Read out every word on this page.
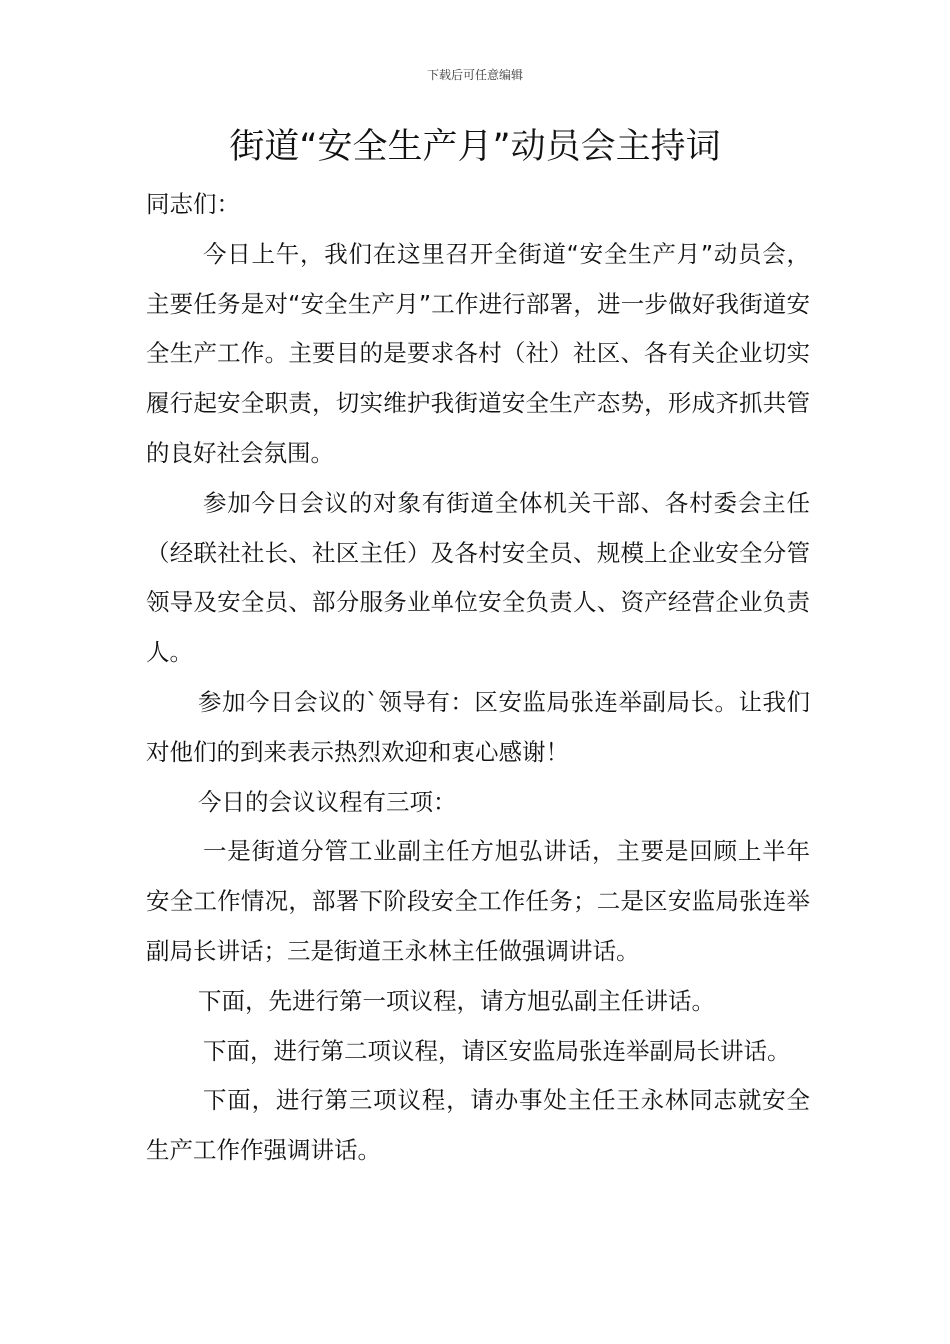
下载后可任意编辑
街道“安全生产月”动员会主持词

同志们：

今日上午，我们在这里召开全街道“安全生产月”动员会，主要任务是对“安全生产月”工作进行部署，进一步做好我街道安全生产工作。主要目的是要求各村（社）社区、各有关企业切实履行起安全职责，切实维护我街道安全生产态势，形成齐抓共管的良好社会氛围。

参加今日会议的对象有街道全体机关干部、各村委会主任（经联社社长、社区主任）及各村安全员、规模上企业安全分管领导及安全员、部分服务业单位安全负责人、资产经营企业负责人。

参加今日会议的`领导有：区安监局张连举副局长。让我们对他们的到来表示热烈欢迎和衷心感谢！

今日的会议议程有三项：

一是街道分管工业副主任方旭弘讲话，主要是回顾上半年安全工作情况，部署下阶段安全工作任务；二是区安监局张连举副局长讲话；三是街道王永林主任做强调讲话。

下面，先进行第一项议程，请方旭弘副主任讲话。

下面，进行第二项议程，请区安监局张连举副局长讲话。

下面，进行第三项议程，请办事处主任王永林同志就安全生产工作作强调讲话。
